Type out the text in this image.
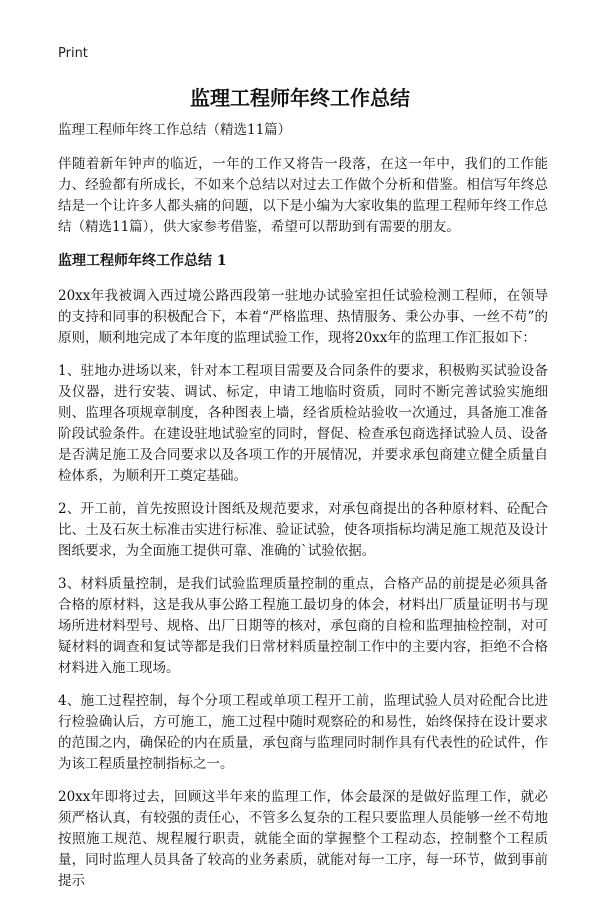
Print
监理工程师年终工作总结
监理工程师年终工作总结（精选11篇）

伴随着新年钟声的临近，一年的工作又将告一段落，在这一年中，我们的工作能力、经验都有所成长，不如来个总结以对过去工作做个分析和借鉴。相信写年终总结是一个让许多人都头痛的问题，以下是小编为大家收集的监理工程师年终工作总结（精选11篇），供大家参考借鉴，希望可以帮助到有需要的朋友。

监理工程师年终工作总结 1

20xx年我被调入西过境公路西段第一驻地办试验室担任试验检测工程师，在领导的支持和同事的积极配合下，本着“严格监理、热情服务、秉公办事、一丝不苟”的原则，顺利地完成了本年度的监理试验工作，现将20xx年的监理工作汇报如下：

1、驻地办进场以来，针对本工程项目需要及合同条件的要求，积极购买试验设备及仪器，进行安装、调试、标定，申请工地临时资质，同时不断完善试验实施细则、监理各项规章制度，各种图表上墙，经省质检站验收一次通过，具备施工准备阶段试验条件。在建设驻地试验室的同时，督促、检查承包商选择试验人员、设备是否满足施工及合同要求以及各项工作的开展情况，并要求承包商建立健全质量自检体系，为顺利开工奠定基础。

2、开工前，首先按照设计图纸及规范要求，对承包商提出的各种原材料、砼配合比、土及石灰土标准击实进行标准、验证试验，使各项指标均满足施工规范及设计图纸要求，为全面施工提供可靠、准确的`试验依据。

3、材料质量控制，是我们试验监理质量控制的重点，合格产品的前提是必须具备合格的原材料，这是我从事公路工程施工最切身的体会，材料出厂质量证明书与现场所进材料型号、规格、出厂日期等的核对，承包商的自检和监理抽检控制，对可疑材料的调查和复试等都是我们日常材料质量控制工作中的主要内容，拒绝不合格材料进入施工现场。

4、施工过程控制，每个分项工程或单项工程开工前，监理试验人员对砼配合比进行检验确认后，方可施工，施工过程中随时观察砼的和易性，始终保持在设计要求的范围之内，确保砼的内在质量，承包商与监理同时制作具有代表性的砼试件，作为该工程质量控制指标之一。

20xx年即将过去，回顾这半年来的监理工作，体会最深的是做好监理工作，就必须严格认真，有较强的责任心，不管多么复杂的工程只要监理人员能够一丝不苟地按照施工规范、规程履行职责，就能全面的掌握整个工程动态，控制整个工程质量，同时监理人员具备了较高的业务素质，就能对每一工序，每一环节，做到事前提示
